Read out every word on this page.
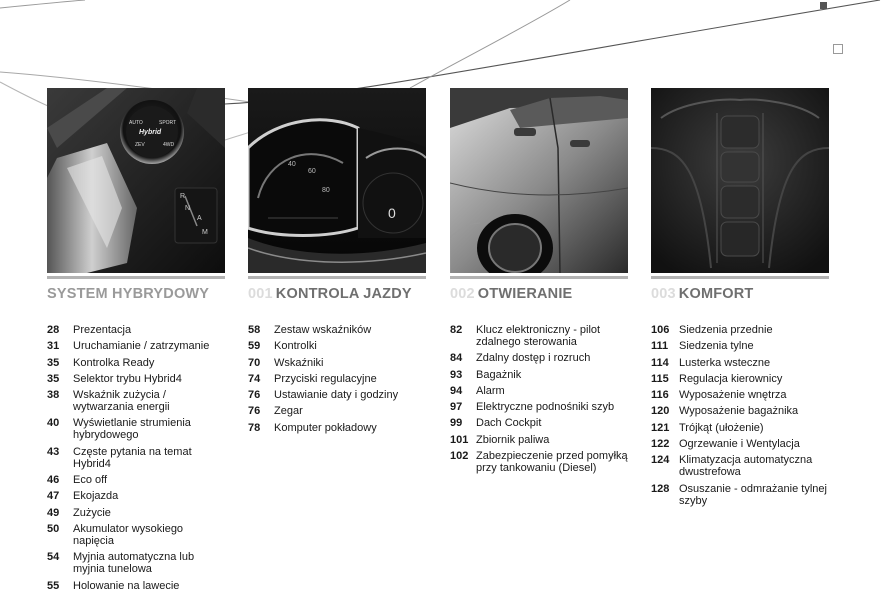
AUTO	SPORT
Hybrid
ZEV	4WD
R
N
A
M
40
60
80
0
SYSTEM HYBRYDOWY	001 KONTROLA JAZDY	002 OTWIERANIE	003 KOMFORT
28	Prezentacja
31	Uruchamianie / zatrzymanie
35	Kontrolka Ready
35	Selektor trybu Hybrid4
38	Wskaźnik zużycia / wytwarzania energii
40	Wyświetlanie strumienia hybrydowego
43	Częste pytania na temat Hybrid4
46	Eco off
47	Ekojazda
49	Zużycie
50	Akumulator wysokiego napięcia
54	Myjnia automatyczna lub myjnia tunelowa
55	Holowanie na lawecie
58	Zestaw wskaźników
59	Kontrolki
70	Wskaźniki
74	Przyciski regulacyjne
76	Ustawianie daty i godziny
76	Zegar
78	Komputer pokładowy
82	Klucz elektroniczny - pilot zdalnego sterowania
84	Zdalny dostęp i rozruch
93	Bagażnik
94	Alarm
97	Elektryczne podnośniki szyb
99	Dach Cockpit
101 Zbiornik paliwa
102 Zabezpieczenie przed pomyłką przy tankowaniu (Diesel)
106 Siedzenia przednie
111 Siedzenia tylne
114 Lusterka wsteczne
115 Regulacja kierownicy
116 Wyposażenie wnętrza
120 Wyposażenie bagażnika
121 Trójkąt (ułożenie)
122 Ogrzewanie i Wentylacja
124 Klimatyzacja automatyczna dwustrefowa
128 Osuszanie - odmrażanie tylnej szyby
